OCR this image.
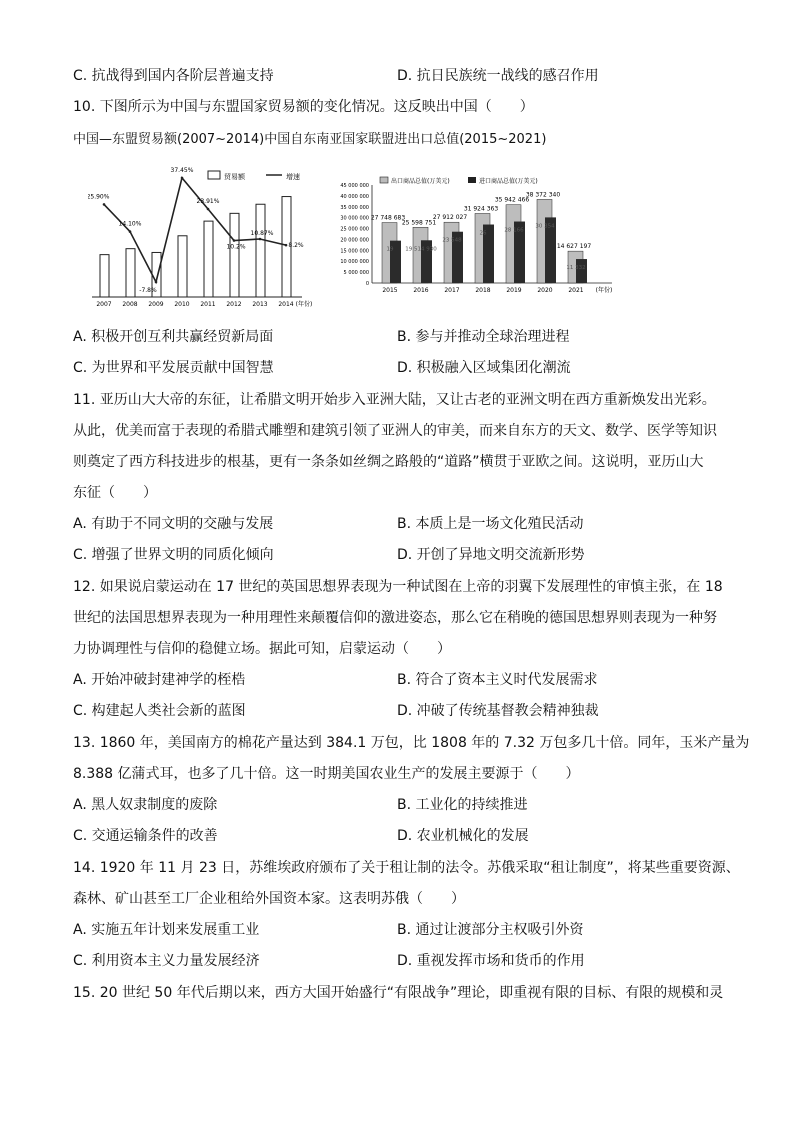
C. 抗战得到国内各阶层普遍支持	D. 抗日民族统一战线的感召作用
10. 下图所示为中国与东盟国家贸易额的变化情况。这反映出中国（　　）
中国—东盟贸易额(2007~2014)中国自东南亚国家联盟进出口总值(2015~2021)
贸易额	增速
2007 2008 2009 2010 2011 2012 2013 2014 (年份)
25.90%
14.10%
-7.8%
37.45%
23.91%
10.2%
10.87%
8.2%
出口商品总值(万美元)	进口商品总值(万美元)
45 000 000
40 000 000
35 000 000
30 000 000
25 000 000
20 000 000
15 000 000
10 000 000
5 000 000
0
27 748 683
19
2015
25 598 751
19 514 930
2016
27 912 027
23 548
2017
31 924 363
26
2018
35 942 466
28 166
2019
38 372 340
30 354
2020
14 627 197
11 332
2021 (年份)
A. 积极开创互利共赢经贸新局面	B. 参与并推动全球治理进程
C. 为世界和平发展贡献中国智慧	D. 积极融入区域集团化潮流
11. 亚历山大大帝的东征，让希腊文明开始步入亚洲大陆，又让古老的亚洲文明在西方重新焕发出光彩。
从此，优美而富于表现的希腊式雕塑和建筑引领了亚洲人的审美，而来自东方的天文、数学、医学等知识
则奠定了西方科技进步的根基，更有一条条如丝绸之路般的“道路”横贯于亚欧之间。这说明，亚历山大
东征（　　）
A. 有助于不同文明的交融与发展	B. 本质上是一场文化殖民活动
C. 增强了世界文明的同质化倾向	D. 开创了异地文明交流新形势
12. 如果说启蒙运动在 17 世纪的英国思想界表现为一种试图在上帝的羽翼下发展理性的审慎主张，在 18
世纪的法国思想界表现为一种用理性来颠覆信仰的激进姿态，那么它在稍晚的德国思想界则表现为一种努
力协调理性与信仰的稳健立场。据此可知，启蒙运动（　　）
A. 开始冲破封建神学的桎梏	B. 符合了资本主义时代发展需求
C. 构建起人类社会新的蓝图	D. 冲破了传统基督教会精神独裁
13. 1860 年，美国南方的棉花产量达到 384.1 万包，比 1808 年的 7.32 万包多几十倍。同年，玉米产量为
8.388 亿蒲式耳，也多了几十倍。这一时期美国农业生产的发展主要源于（　　）
A. 黑人奴隶制度的废除	B. 工业化的持续推进
C. 交通运输条件的改善	D. 农业机械化的发展
14. 1920 年 11 月 23 日，苏维埃政府颁布了关于租让制的法令。苏俄采取“租让制度”，将某些重要资源、
森林、矿山甚至工厂企业租给外国资本家。这表明苏俄（　　）
A. 实施五年计划来发展重工业	B. 通过让渡部分主权吸引外资
C. 利用资本主义力量发展经济	D. 重视发挥市场和货币的作用
15. 20 世纪 50 年代后期以来，西方大国开始盛行“有限战争”理论，即重视有限的目标、有限的规模和灵
